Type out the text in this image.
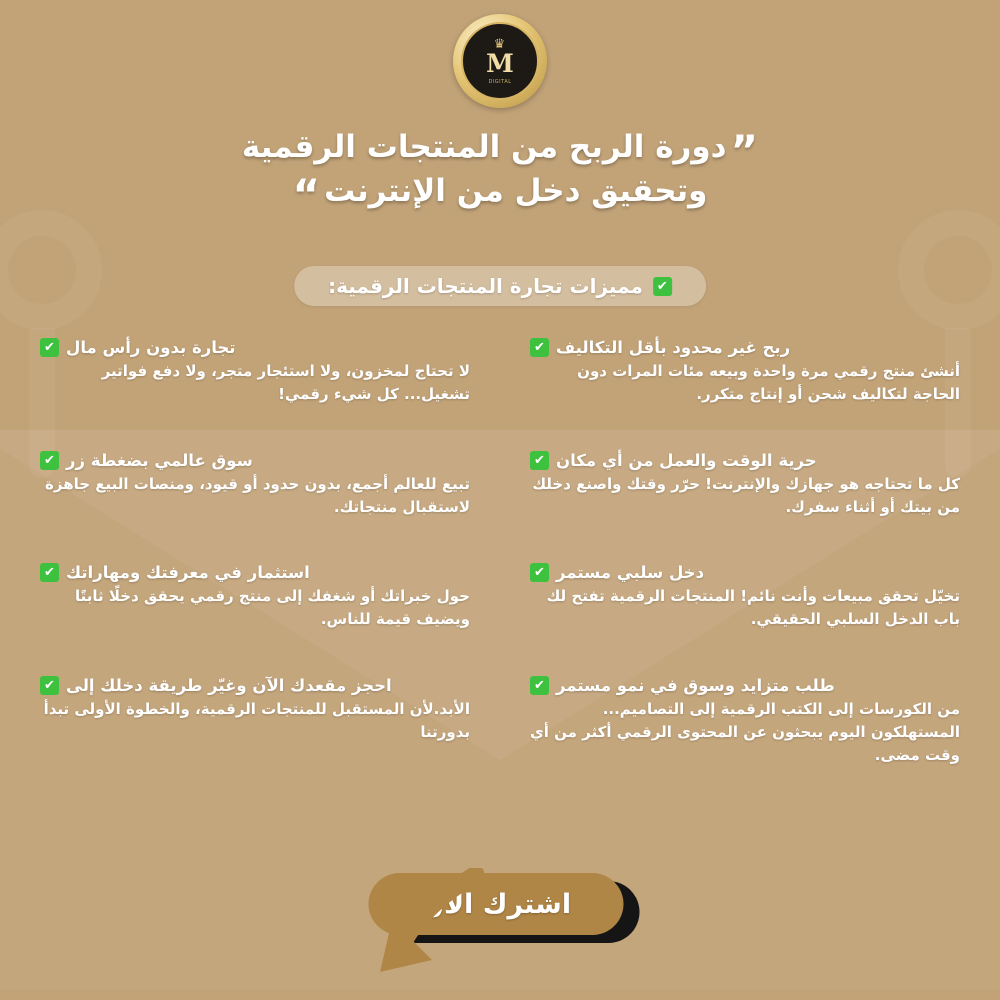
♛
M
DIGITAL
”دورة الربح من المنتجات الرقمية
وتحقيق دخل من الإنترنت“
✔
مميزات تجارة المنتجات الرقمية:
✔ ربح غير محدود بأقل التكاليف
أنشئ منتج رقمي مرة واحدة وبيعه مئات المرات دون الحاجة لتكاليف شحن أو إنتاج متكرر.
✔ تجارة بدون رأس مال
لا تحتاج لمخزون، ولا استئجار متجر، ولا دفع فواتير تشغيل... كل شيء رقمي!
✔ حرية الوقت والعمل من أي مكان
كل ما تحتاجه هو جهازك والإنترنت! حرّر وقتك واصنع دخلك من بيتك أو أثناء سفرك.
✔ سوق عالمي بضغطة زر
تبيع للعالم أجمع، بدون حدود أو قيود، ومنصات البيع جاهزة لاستقبال منتجاتك.
✔ دخل سلبي مستمر
تخيّل تحقق مبيعات وأنت نائم! المنتجات الرقمية تفتح لك باب الدخل السلبي الحقيقي.
✔ استثمار في معرفتك ومهاراتك
حول خبراتك أو شغفك إلى منتج رقمي يحقق دخلًا ثابتًا ويضيف قيمة للناس.
✔ طلب متزايد وسوق في نمو مستمر
من الكورسات إلى الكتب الرقمية إلى التصاميم... المستهلكون اليوم يبحثون عن المحتوى الرقمي أكثر من أي وقت مضى.
✔ احجز مقعدك الآن وغيّر طريقة دخلك إلى
الأبد.لأن المستقبل للمنتجات الرقمية، والخطوة الأولى تبدأ بدورتنا
اشترك الآن
